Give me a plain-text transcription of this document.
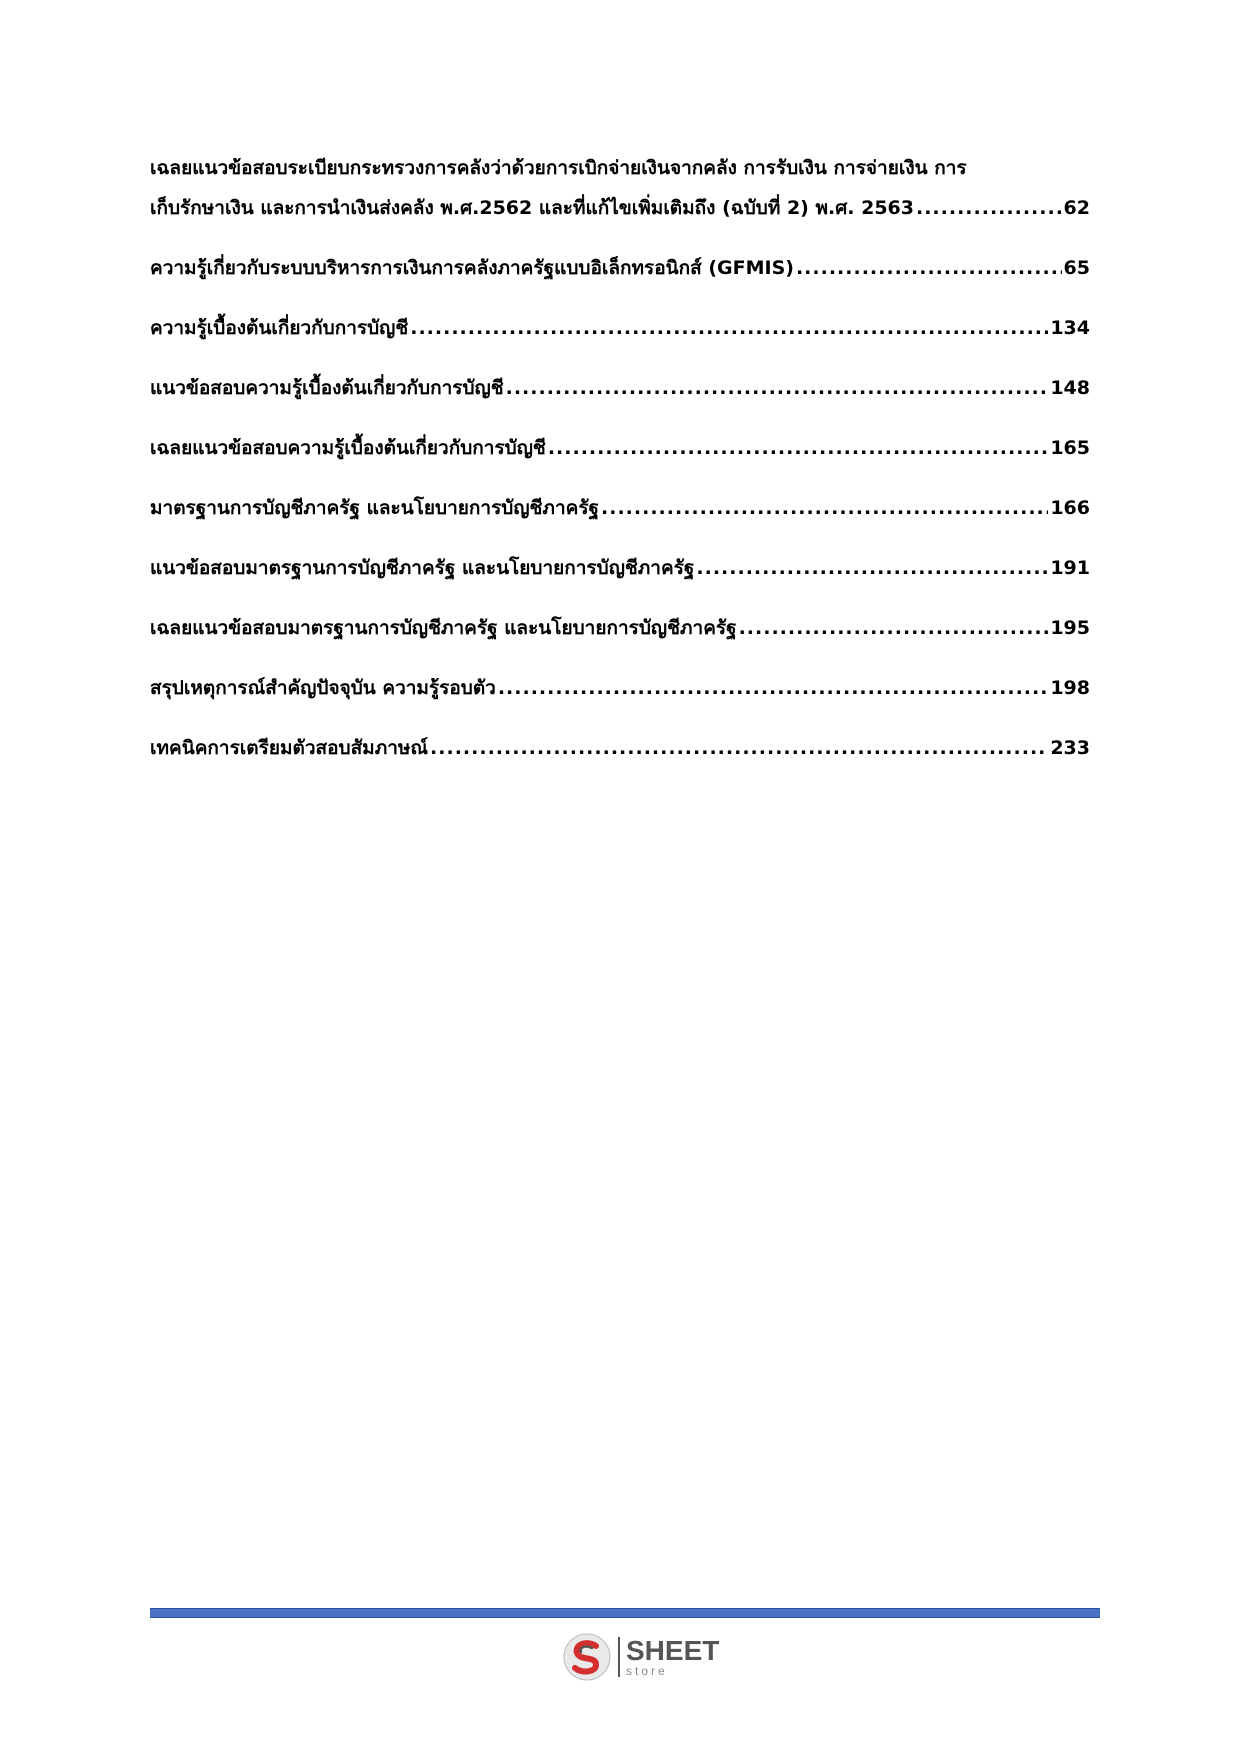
เฉลยแนวข้อสอบระเบียบกระทรวงการคลังว่าด้วยการเบิกจ่ายเงินจากคลัง การรับเงิน การจ่ายเงิน การ
เก็บรักษาเงิน และการนำเงินส่งคลัง พ.ศ.2562 และที่แก้ไขเพิ่มเติมถึง (ฉบับที่ 2) พ.ศ. 2563 .....	62
ความรู้เกี่ยวกับระบบบริหารการเงินการคลังภาครัฐแบบอิเล็กทรอนิกส์ (GFMIS) .....	65
ความรู้เบื้องต้นเกี่ยวกับการบัญชี .....	134
แนวข้อสอบความรู้เบื้องต้นเกี่ยวกับการบัญชี .....	148
เฉลยแนวข้อสอบความรู้เบื้องต้นเกี่ยวกับการบัญชี .....	165
มาตรฐานการบัญชีภาครัฐ และนโยบายการบัญชีภาครัฐ .....	166
แนวข้อสอบมาตรฐานการบัญชีภาครัฐ และนโยบายการบัญชีภาครัฐ .....	191
เฉลยแนวข้อสอบมาตรฐานการบัญชีภาครัฐ และนโยบายการบัญชีภาครัฐ .....	195
สรุปเหตุการณ์สำคัญปัจจุบัน ความรู้รอบตัว .....	198
เทคนิคการเตรียมตัวสอบสัมภาษณ์ .....	233
SHEET
store
